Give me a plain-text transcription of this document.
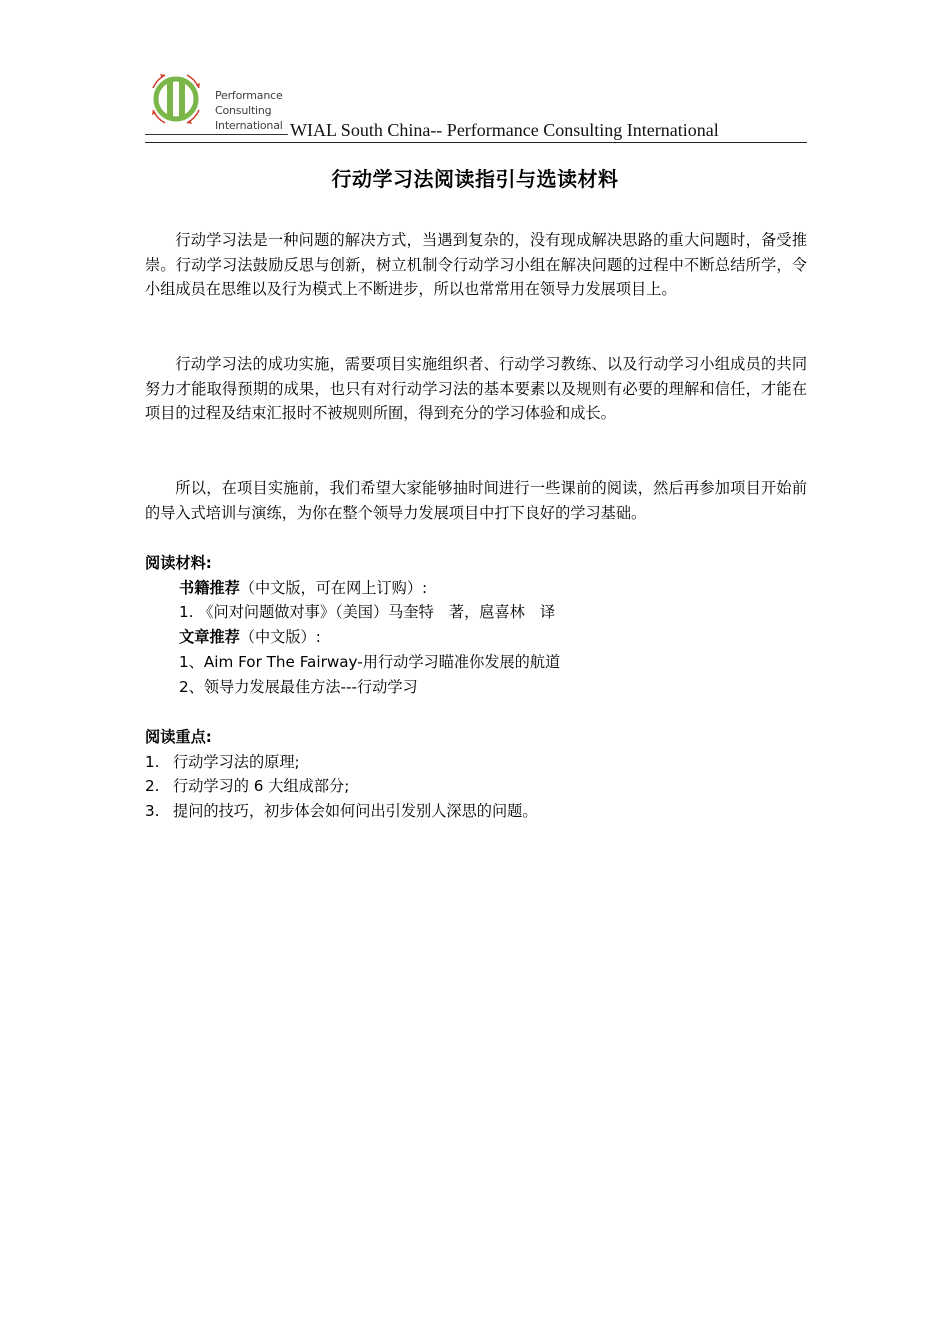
Performance
Consulting
International WIAL South China-- Performance Consulting International
行动学习法阅读指引与选读材料

行动学习法是一种问题的解决方式，当遇到复杂的，没有现成解决思路的重大问题时，备受推崇。行动学习法鼓励反思与创新，树立机制令行动学习小组在解决问题的过程中不断总结所学，令小组成员在思维以及行为模式上不断进步，所以也常常用在领导力发展项目上。

行动学习法的成功实施，需要项目实施组织者、行动学习教练、以及行动学习小组成员的共同努力才能取得预期的成果，也只有对行动学习法的基本要素以及规则有必要的理解和信任，才能在项目的过程及结束汇报时不被规则所囿，得到充分的学习体验和成长。

所以，在项目实施前，我们希望大家能够抽时间进行一些课前的阅读，然后再参加项目开始前的导入式培训与演练，为你在整个领导力发展项目中打下良好的学习基础。

阅读材料:
书籍推荐（中文版，可在网上订购）:
1. 《问对问题做对事》（美国）马奎特　著，扈喜林　译
文章推荐（中文版）:
1、Aim For The Fairway-用行动学习瞄准你发展的航道
2、领导力发展最佳方法---行动学习
阅读重点:
1. 行动学习法的原理;
2. 行动学习的 6 大组成部分;
3. 提问的技巧，初步体会如何问出引发别人深思的问题。
